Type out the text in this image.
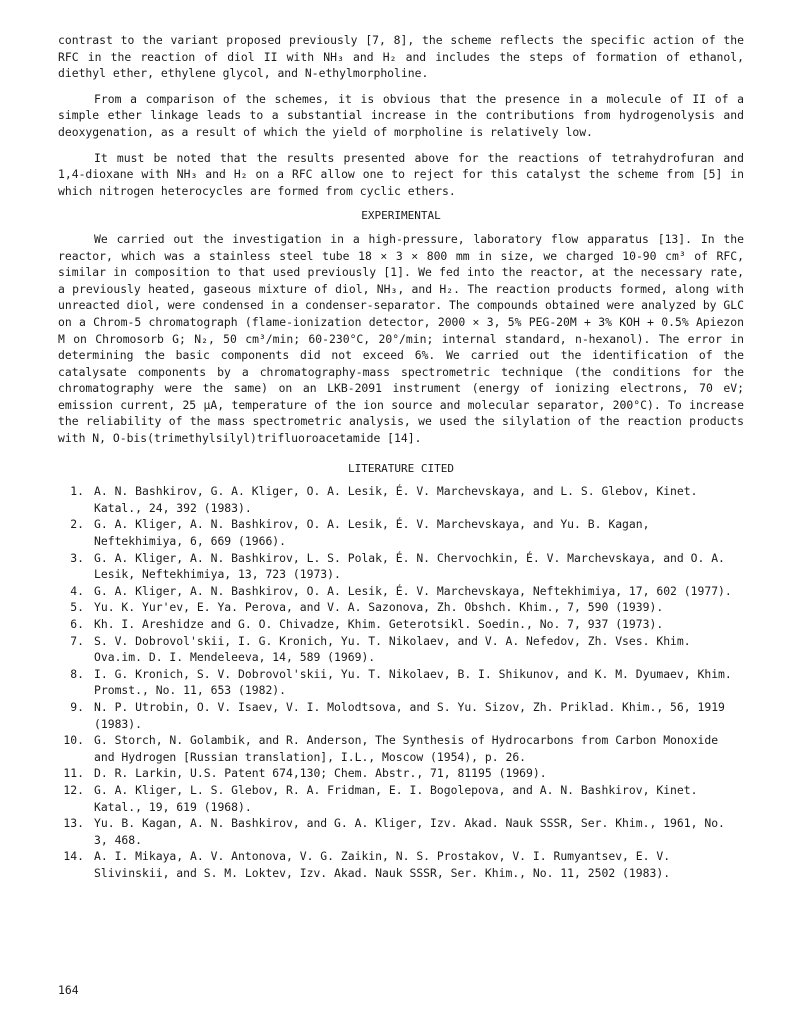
contrast to the variant proposed previously [7, 8], the scheme reflects the specific action of the RFC in the reaction of diol II with NH₃ and H₂ and includes the steps of formation of ethanol, diethyl ether, ethylene glycol, and N-ethylmorpholine.

From a comparison of the schemes, it is obvious that the presence in a molecule of II of a simple ether linkage leads to a substantial increase in the contributions from hydrogenolysis and deoxygenation, as a result of which the yield of morpholine is relatively low.

It must be noted that the results presented above for the reactions of tetrahydrofuran and 1,4-dioxane with NH₃ and H₂ on a RFC allow one to reject for this catalyst the scheme from [5] in which nitrogen heterocycles are formed from cyclic ethers.

EXPERIMENTAL

We carried out the investigation in a high-pressure, laboratory flow apparatus [13]. In the reactor, which was a stainless steel tube 18 × 3 × 800 mm in size, we charged 10-90 cm³ of RFC, similar in composition to that used previously [1]. We fed into the reactor, at the necessary rate, a previously heated, gaseous mixture of diol, NH₃, and H₂. The reaction products formed, along with unreacted diol, were condensed in a condenser-separator. The compounds obtained were analyzed by GLC on a Chrom-5 chromatograph (flame-ionization detector, 2000 × 3, 5% PEG-20M + 3% KOH + 0.5% Apiezon M on Chromosorb G; N₂, 50 cm³/min; 60-230°C, 20°/min; internal standard, n-hexanol). The error in determining the basic components did not exceed 6%. We carried out the identification of the catalysate components by a chromatography-mass spectrometric technique (the conditions for the chromatography were the same) on an LKB-2091 instrument (energy of ionizing electrons, 70 eV; emission current, 25 μA, temperature of the ion source and molecular separator, 200°C). To increase the reliability of the mass spectrometric analysis, we used the silylation of the reaction products with N, O-bis(trimethylsilyl)trifluoroacetamide [14].

LITERATURE CITED
1. A. N. Bashkirov, G. A. Kliger, O. A. Lesik, É. V. Marchevskaya, and L. S. Glebov, Kinet. Katal., 24, 392 (1983).
2. G. A. Kliger, A. N. Bashkirov, O. A. Lesik, É. V. Marchevskaya, and Yu. B. Kagan, Neftekhimiya, 6, 669 (1966).
3. G. A. Kliger, A. N. Bashkirov, L. S. Polak, É. N. Chervochkin, É. V. Marchevskaya, and O. A. Lesik, Neftekhimiya, 13, 723 (1973).
4. G. A. Kliger, A. N. Bashkirov, O. A. Lesik, É. V. Marchevskaya, Neftekhimiya, 17, 602 (1977).
5. Yu. K. Yur'ev, E. Ya. Perova, and V. A. Sazonova, Zh. Obshch. Khim., 7, 590 (1939).
6. Kh. I. Areshidze and G. O. Chivadze, Khim. Geterotsikl. Soedin., No. 7, 937 (1973).
7. S. V. Dobrovol'skii, I. G. Kronich, Yu. T. Nikolaev, and V. A. Nefedov, Zh. Vses. Khim. Ova.im. D. I. Mendeleeva, 14, 589 (1969).
8. I. G. Kronich, S. V. Dobrovol'skii, Yu. T. Nikolaev, B. I. Shikunov, and K. M. Dyumaev, Khim. Promst., No. 11, 653 (1982).
9. N. P. Utrobin, O. V. Isaev, V. I. Molodtsova, and S. Yu. Sizov, Zh. Priklad. Khim., 56, 1919 (1983).
10. G. Storch, N. Golambik, and R. Anderson, The Synthesis of Hydrocarbons from Carbon Monoxide and Hydrogen [Russian translation], I.L., Moscow (1954), p. 26.
11. D. R. Larkin, U.S. Patent 674,130; Chem. Abstr., 71, 81195 (1969).
12. G. A. Kliger, L. S. Glebov, R. A. Fridman, E. I. Bogolepova, and A. N. Bashkirov, Kinet. Katal., 19, 619 (1968).
13. Yu. B. Kagan, A. N. Bashkirov, and G. A. Kliger, Izv. Akad. Nauk SSSR, Ser. Khim., 1961, No. 3, 468.
14. A. I. Mikaya, A. V. Antonova, V. G. Zaikin, N. S. Prostakov, V. I. Rumyantsev, E. V. Slivinskii, and S. M. Loktev, Izv. Akad. Nauk SSSR, Ser. Khim., No. 11, 2502 (1983).
164
